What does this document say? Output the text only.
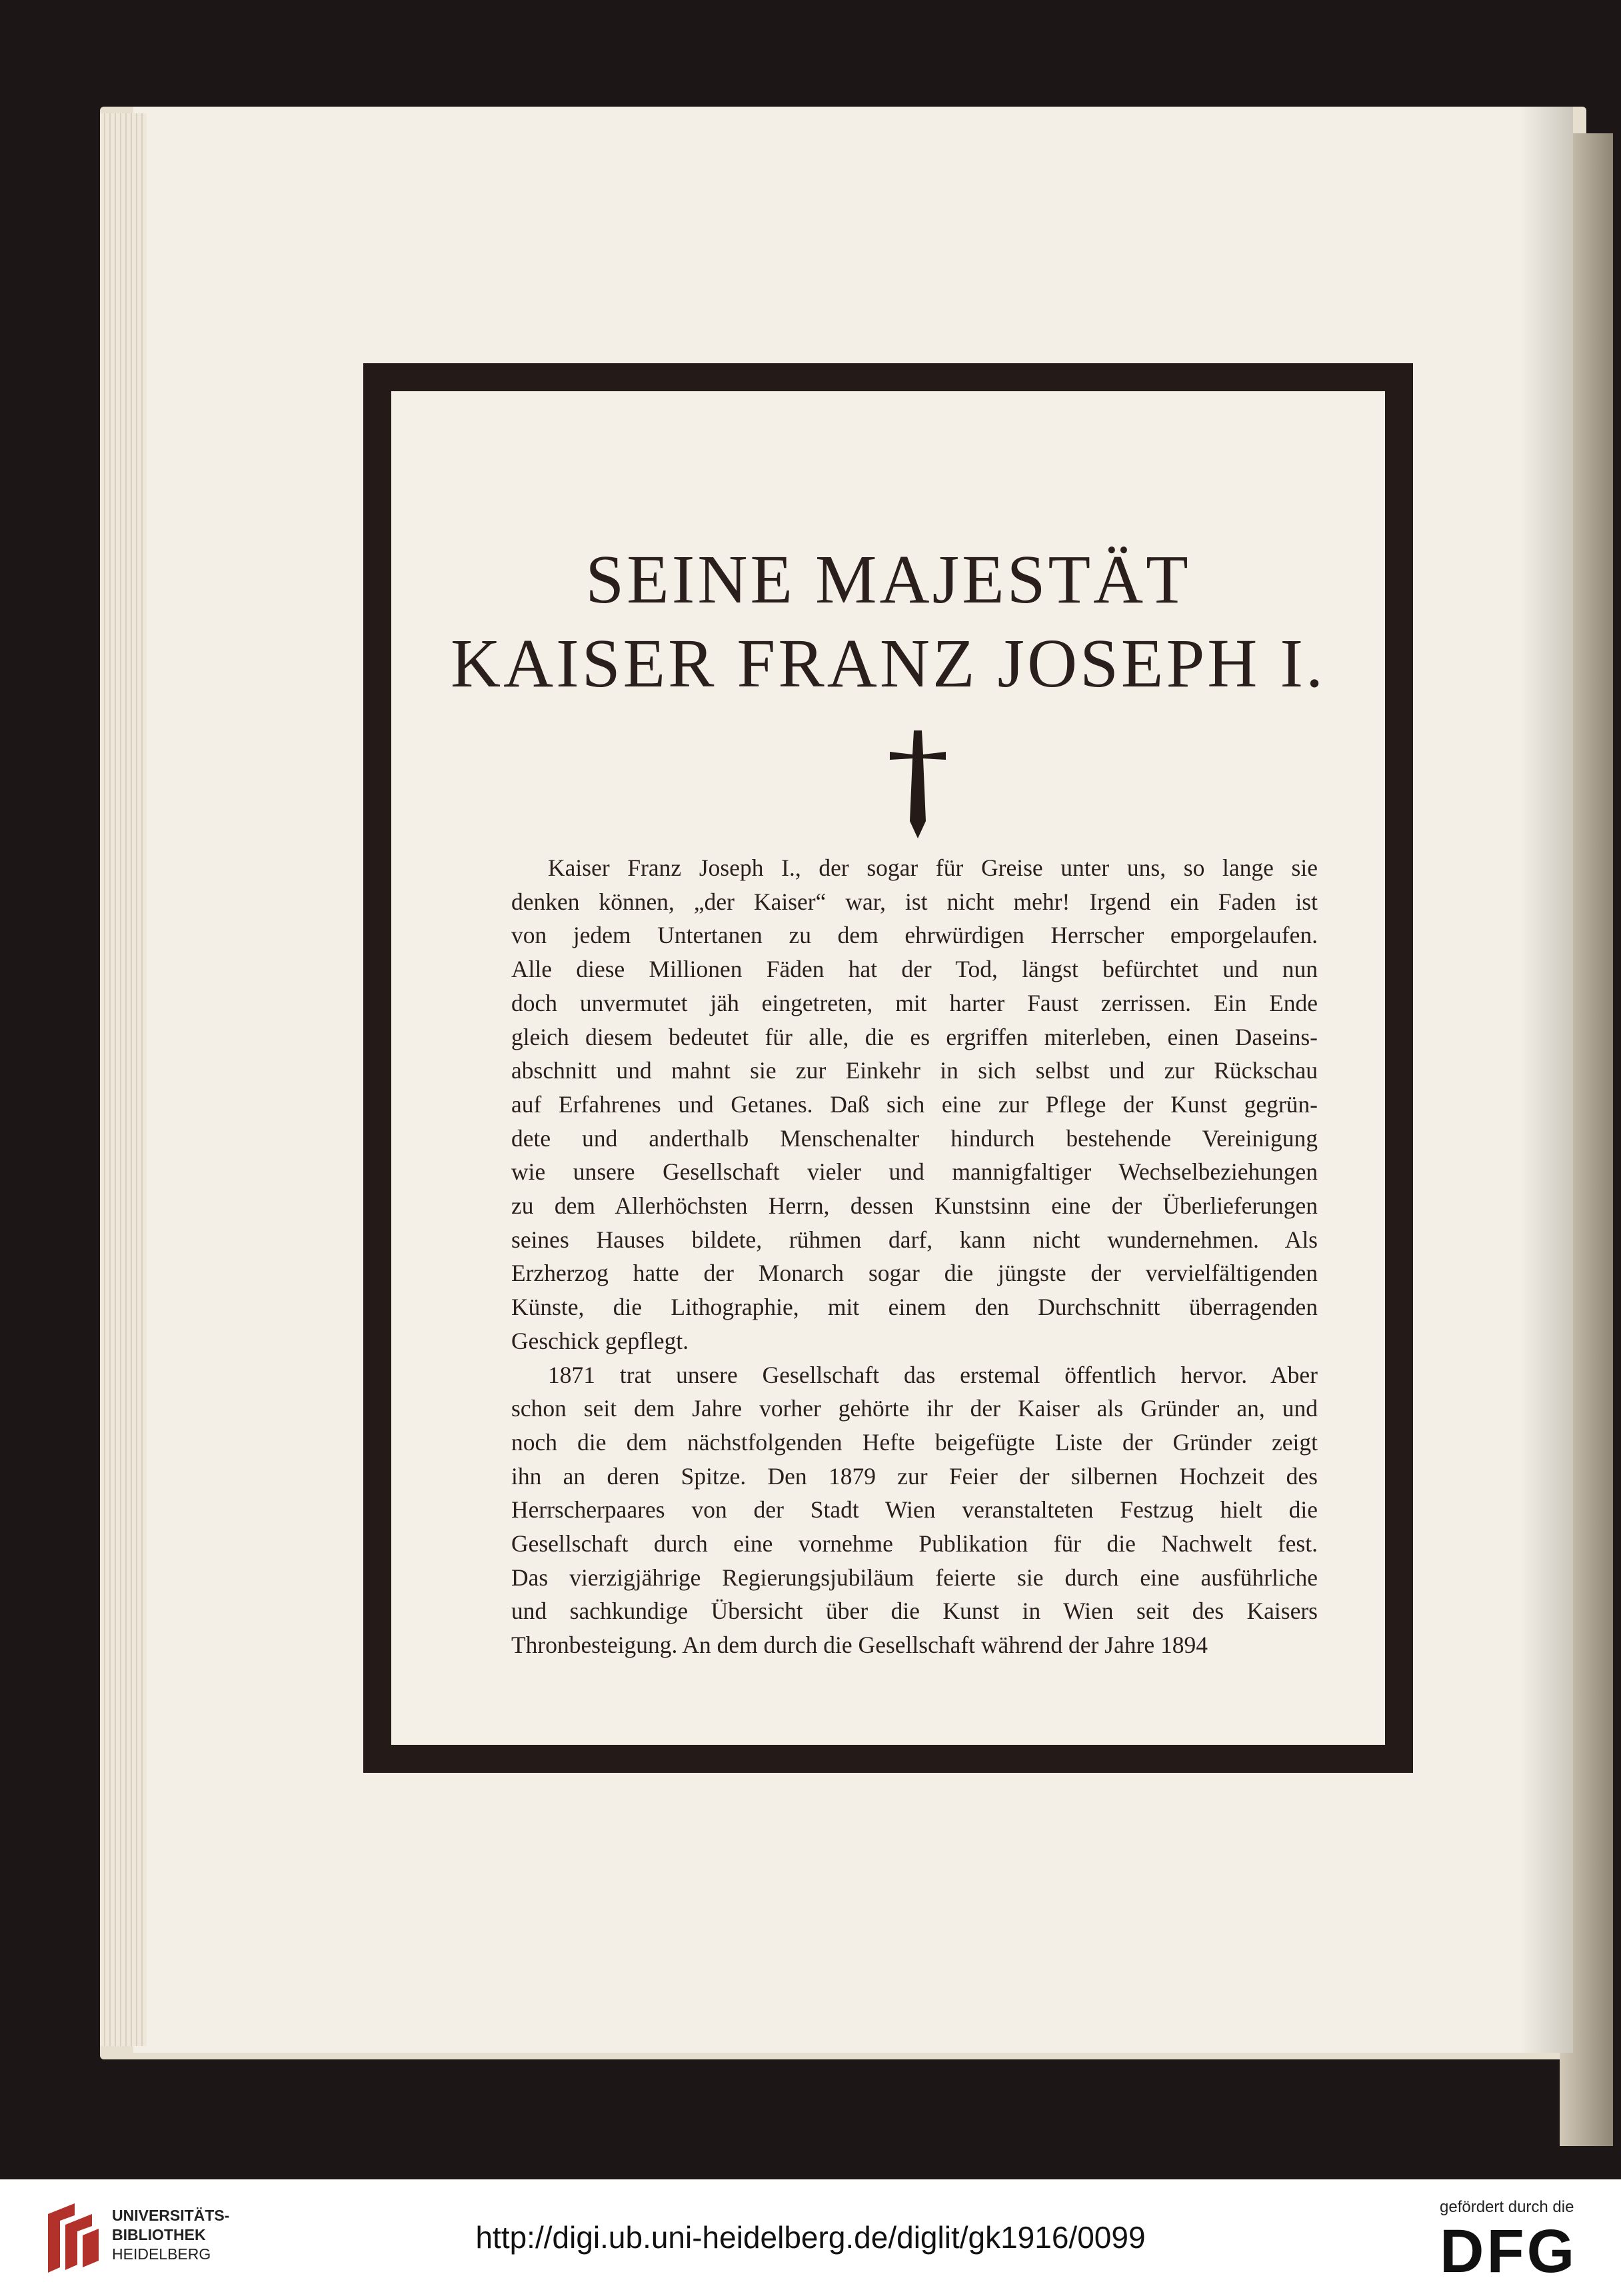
SEINE MAJESTÄT
KAISER FRANZ JOSEPH I.
Kaiser Franz Joseph I., der sogar für Greise unter uns, so lange sie
denken können, „der Kaiser“ war, ist nicht mehr! Irgend ein Faden ist
von jedem Untertanen zu dem ehrwürdigen Herrscher emporgelaufen.
Alle diese Millionen Fäden hat der Tod, längst befürchtet und nun
doch unvermutet jäh eingetreten, mit harter Faust zerrissen. Ein Ende
gleich diesem bedeutet für alle, die es ergriffen miterleben, einen Daseins-
abschnitt und mahnt sie zur Einkehr in sich selbst und zur Rückschau
auf Erfahrenes und Getanes. Daß sich eine zur Pflege der Kunst gegrün-
dete und anderthalb Menschenalter hindurch bestehende Vereinigung
wie unsere Gesellschaft vieler und mannigfaltiger Wechselbeziehungen
zu dem Allerhöchsten Herrn, dessen Kunstsinn eine der Überlieferungen
seines Hauses bildete, rühmen darf, kann nicht wundernehmen. Als
Erzherzog hatte der Monarch sogar die jüngste der vervielfältigenden
Künste, die Lithographie, mit einem den Durchschnitt überragenden
Geschick gepflegt.
1871 trat unsere Gesellschaft das erstemal öffentlich hervor. Aber
schon seit dem Jahre vorher gehörte ihr der Kaiser als Gründer an, und
noch die dem nächstfolgenden Hefte beigefügte Liste der Gründer zeigt
ihn an deren Spitze. Den 1879 zur Feier der silbernen Hochzeit des
Herrscherpaares von der Stadt Wien veranstalteten Festzug hielt die
Gesellschaft durch eine vornehme Publikation für die Nachwelt fest.
Das vierzigjährige Regierungsjubiläum feierte sie durch eine ausführliche
und sachkundige Übersicht über die Kunst in Wien seit des Kaisers
Thronbesteigung. An dem durch die Gesellschaft während der Jahre 1894
UNIVERSITÄTS-
BIBLIOTHEK
HEIDELBERG	http://digi.ub.uni-heidelberg.de/diglit/gk1916/0099
gefördert durch die
DFG
